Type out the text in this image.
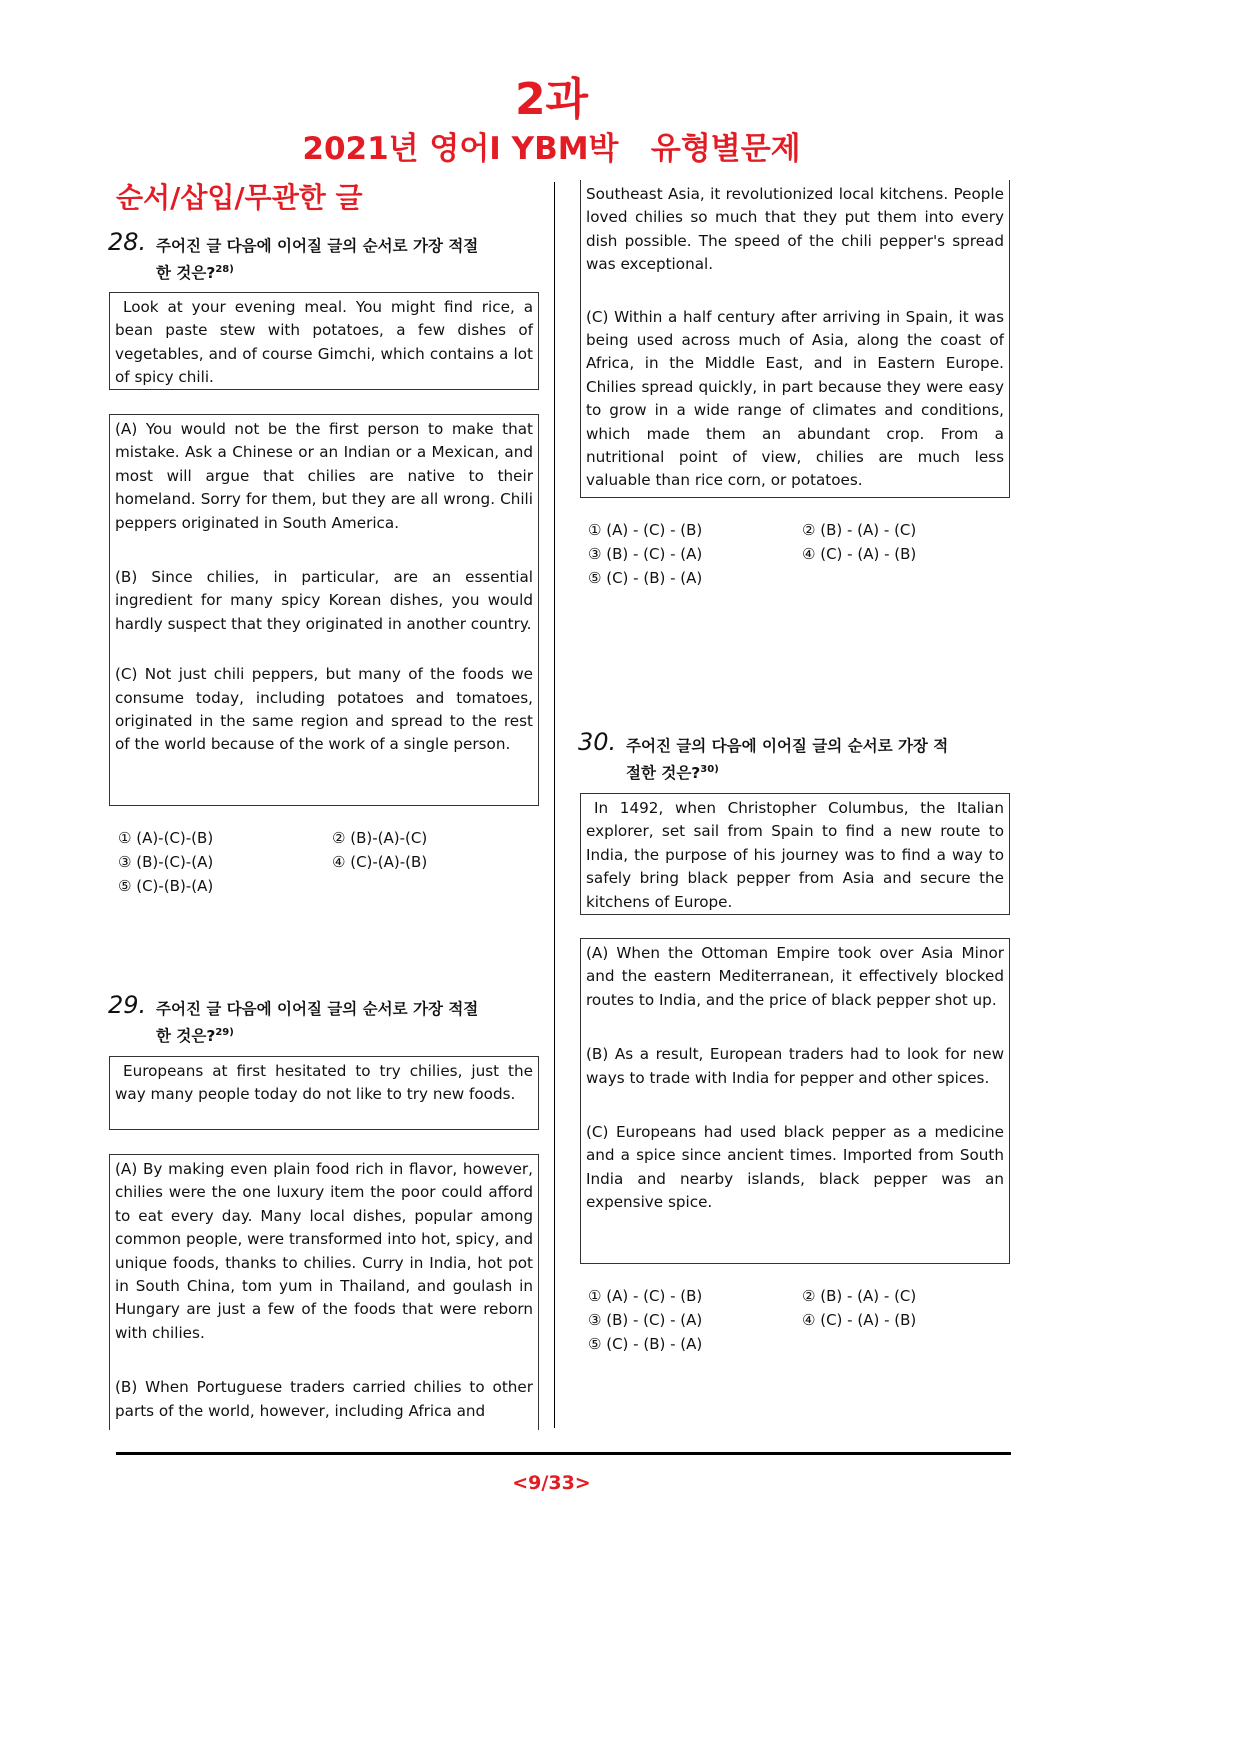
2과
2021년 영어Ⅰ YBM박   유형별문제
순서/삽입/무관한 글
28. 주어진 글 다음에 이어질 글의 순서로 가장 적절
한 것은?$^{28)}$

Look at your evening meal. You might find rice, a bean paste stew with potatoes, a few dishes of vegetables, and of course Gimchi, which contains a lot of spicy chili.

(A) You would not be the first person to make that mistake. Ask a Chinese or an Indian or a Mexican, and most will argue that chilies are native to their homeland. Sorry for them, but they are all wrong. Chili peppers originated in South America.

(B) Since chilies, in particular, are an essential ingredient for many spicy Korean dishes, you would hardly suspect that they originated in another country.

(C) Not just chili peppers, but many of the foods we consume today, including potatoes and tomatoes, originated in the same region and spread to the rest of the world because of the work of a single person.

① (A)-(C)-(B)	② (B)-(A)-(C)
③ (B)-(C)-(A)	④ (C)-(A)-(B)
⑤ (C)-(B)-(A)
29. 주어진 글 다음에 이어질 글의 순서로 가장 적절
한 것은?$^{29)}$

Europeans at first hesitated to try chilies, just the way many people today do not like to try new foods.

(A) By making even plain food rich in flavor, however, chilies were the one luxury item the poor could afford to eat every day. Many local dishes, popular among common people, were transformed into hot, spicy, and unique foods, thanks to chilies. Curry in India, hot pot in South China, tom yum in Thailand, and goulash in Hungary are just a few of the foods that were reborn with chilies.

(B) When Portuguese traders carried chilies to other parts of the world, however, including Africa and

Southeast Asia, it revolutionized local kitchens. People loved chilies so much that they put them into every dish possible. The speed of the chili pepper's spread was exceptional.

(C) Within a half century after arriving in Spain, it was being used across much of Asia, along the coast of Africa, in the Middle East, and in Eastern Europe. Chilies spread quickly, in part because they were easy to grow in a wide range of climates and conditions, which made them an abundant crop. From a nutritional point of view, chilies are much less valuable than rice corn, or potatoes.

① (A) - (C) - (B)	② (B) - (A) - (C)
③ (B) - (C) - (A)	④ (C) - (A) - (B)
⑤ (C) - (B) - (A)
30. 주어진 글의 다음에 이어질 글의 순서로 가장 적
절한 것은?$^{30)}$

In 1492, when Christopher Columbus, the Italian explorer, set sail from Spain to find a new route to India, the purpose of his journey was to find a way to safely bring black pepper from Asia and secure the kitchens of Europe.

(A) When the Ottoman Empire took over Asia Minor and the eastern Mediterranean, it effectively blocked routes to India, and the price of black pepper shot up.

(B) As a result, European traders had to look for new ways to trade with India for pepper and other spices.

(C) Europeans had used black pepper as a medicine and a spice since ancient times. Imported from South India and nearby islands, black pepper was an expensive spice.

① (A) - (C) - (B)	② (B) - (A) - (C)
③ (B) - (C) - (A)	④ (C) - (A) - (B)
⑤ (C) - (B) - (A)
<9/33>
